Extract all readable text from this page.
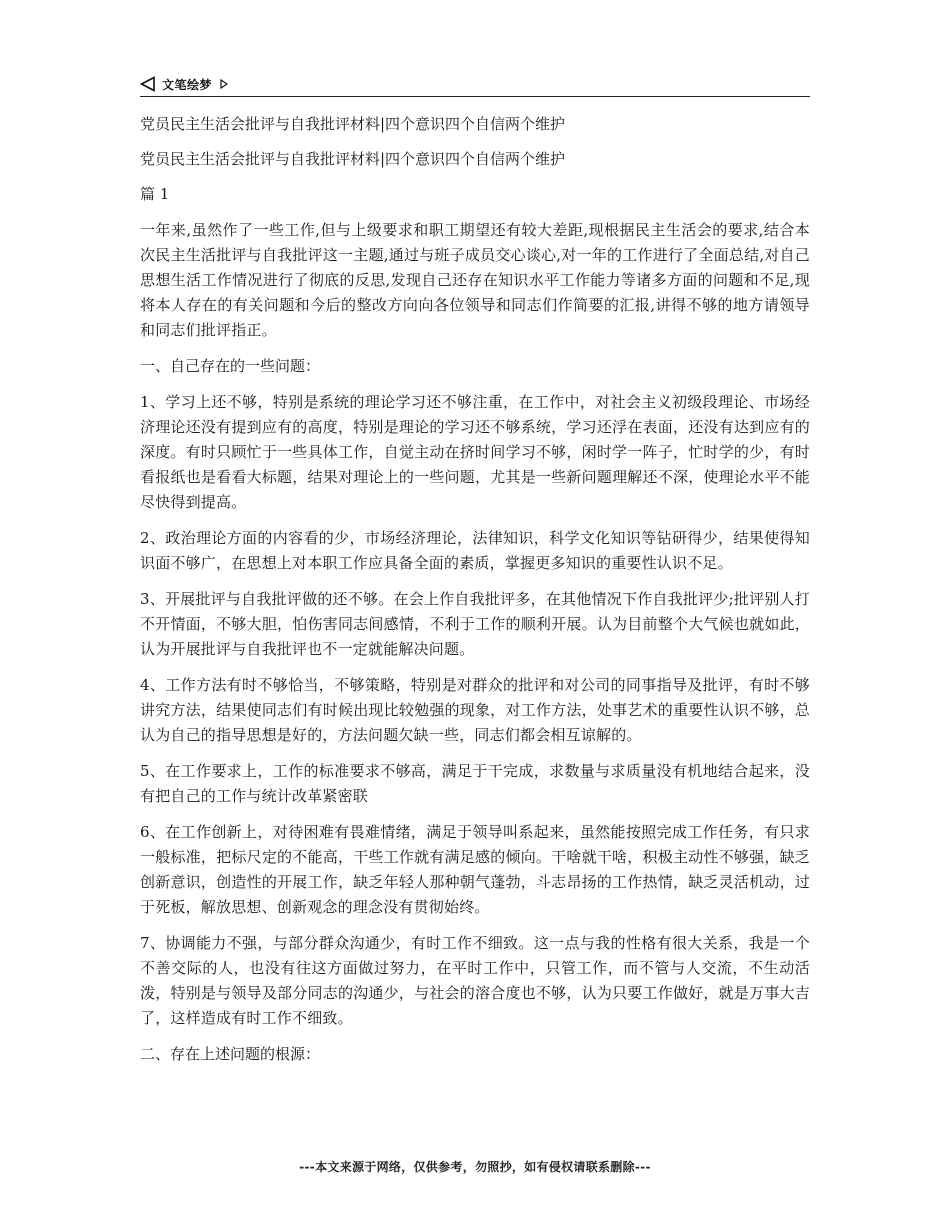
文笔绘梦

党员民主生活会批评与自我批评材料|四个意识四个自信两个维护

党员民主生活会批评与自我批评材料|四个意识四个自信两个维护

篇 1

一年来,虽然作了一些工作,但与上级要求和职工期望还有较大差距,现根据民主生活会的要求,结合本次民主生活批评与自我批评这一主题,通过与班子成员交心谈心,对一年的工作进行了全面总结,对自己思想生活工作情况进行了彻底的反思,发现自己还存在知识水平工作能力等诸多方面的问题和不足,现将本人存在的有关问题和今后的整改方向向各位领导和同志们作简要的汇报,讲得不够的地方请领导和同志们批评指正。

一、自己存在的一些问题：

1、学习上还不够，特别是系统的理论学习还不够注重，在工作中，对社会主义初级段理论、市场经济理论还没有提到应有的高度，特别是理论的学习还不够系统，学习还浮在表面，还没有达到应有的深度。有时只顾忙于一些具体工作，自觉主动在挤时间学习不够，闲时学一阵子，忙时学的少，有时看报纸也是看看大标题，结果对理论上的一些问题，尤其是一些新问题理解还不深，使理论水平不能尽快得到提高。

2、政治理论方面的内容看的少，市场经济理论，法律知识，科学文化知识等钻研得少，结果使得知识面不够广，在思想上对本职工作应具备全面的素质，掌握更多知识的重要性认识不足。

3、开展批评与自我批评做的还不够。在会上作自我批评多，在其他情况下作自我批评少;批评别人打不开情面，不够大胆，怕伤害同志间感情，不利于工作的顺利开展。认为目前整个大气候也就如此，认为开展批评与自我批评也不一定就能解决问题。

4、工作方法有时不够恰当，不够策略，特别是对群众的批评和对公司的同事指导及批评，有时不够讲究方法，结果使同志们有时候出现比较勉强的现象，对工作方法，处事艺术的重要性认识不够，总认为自己的指导思想是好的，方法问题欠缺一些，同志们都会相互谅解的。

5、在工作要求上，工作的标准要求不够高，满足于干完成，求数量与求质量没有机地结合起来，没有把自己的工作与统计改革紧密联

6、在工作创新上，对待困难有畏难情绪，满足于领导叫系起来，虽然能按照完成工作任务，有只求一般标准，把标尺定的不能高，干些工作就有满足感的倾向。干啥就干啥，积极主动性不够强，缺乏创新意识，创造性的开展工作，缺乏年轻人那种朝气蓬勃，斗志昂扬的工作热情，缺乏灵活机动，过于死板，解放思想、创新观念的理念没有贯彻始终。

7、协调能力不强，与部分群众沟通少，有时工作不细致。这一点与我的性格有很大关系，我是一个不善交际的人，也没有往这方面做过努力，在平时工作中，只管工作，而不管与人交流，不生动活泼，特别是与领导及部分同志的沟通少，与社会的溶合度也不够，认为只要工作做好，就是万事大吉了，这样造成有时工作不细致。

二、存在上述问题的根源：

---本文来源于网络，仅供参考，勿照抄，如有侵权请联系删除---
